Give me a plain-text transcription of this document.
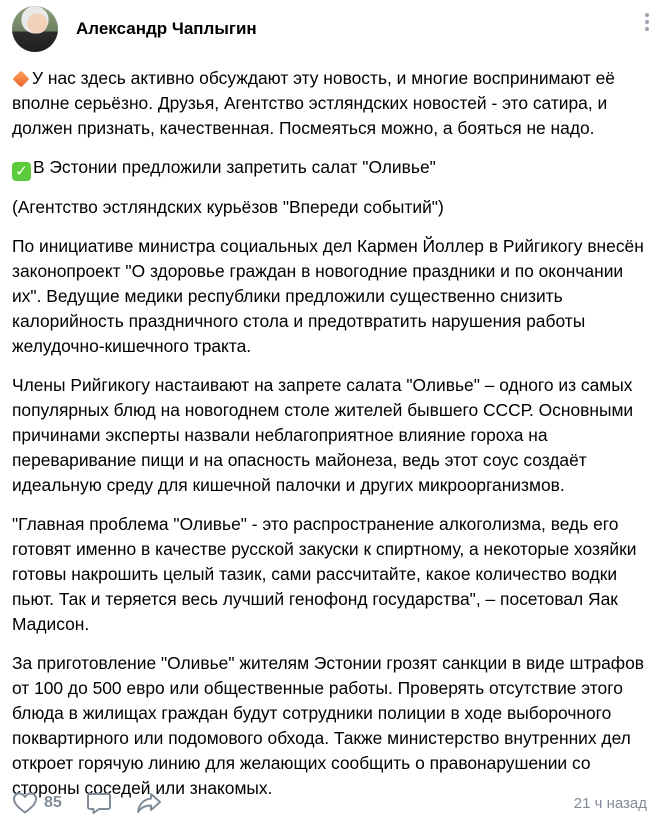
Александр Чаплыгин

У нас здесь активно обсуждают эту новость, и многие воспринимают её вполне серьёзно. Друзья, Агентство эстляндских новостей - это сатира, и должен признать, качественная. Посмеяться можно, а бояться не надо.

✓ В Эстонии предложили запретить салат "Оливье"

(Агентство эстляндских курьёзов "Впереди событий")

По инициативе министра социальных дел Кармен Йоллер в Рийгикогу внесён законопроект "О здоровье граждан в новогодние праздники и по окончании их". Ведущие медики республики предложили существенно снизить калорийность праздничного стола и предотвратить нарушения работы желудочно-кишечного тракта.

Члены Рийгикогу настаивают на запрете салата "Оливье" – одного из самых популярных блюд на новогоднем столе жителей бывшего СССР. Основными причинами эксперты назвали неблагоприятное влияние гороха на переваривание пищи и на опасность майонеза, ведь этот соус создаёт идеальную среду для кишечной палочки и других микроорганизмов.

"Главная проблема "Оливье" - это распространение алкоголизма, ведь его готовят именно в качестве русской закуски к спиртному, а некоторые хозяйки готовы накрошить целый тазик, сами рассчитайте, какое количество водки пьют. Так и теряется весь лучший генофонд государства", – посетовал Яак Мадисон.

За приготовление "Оливье" жителям Эстонии грозят санкции в виде штрафов от 100 до 500 евро или общественные работы. Проверять отсутствие этого блюда в жилищах граждан будут сотрудники полиции в ходе выборочного поквартирного или подомового обхода. Также министерство внутренних дел откроет горячую линию для желающих сообщить о правонарушении со стороны соседей или знакомых.

85	21 ч назад
